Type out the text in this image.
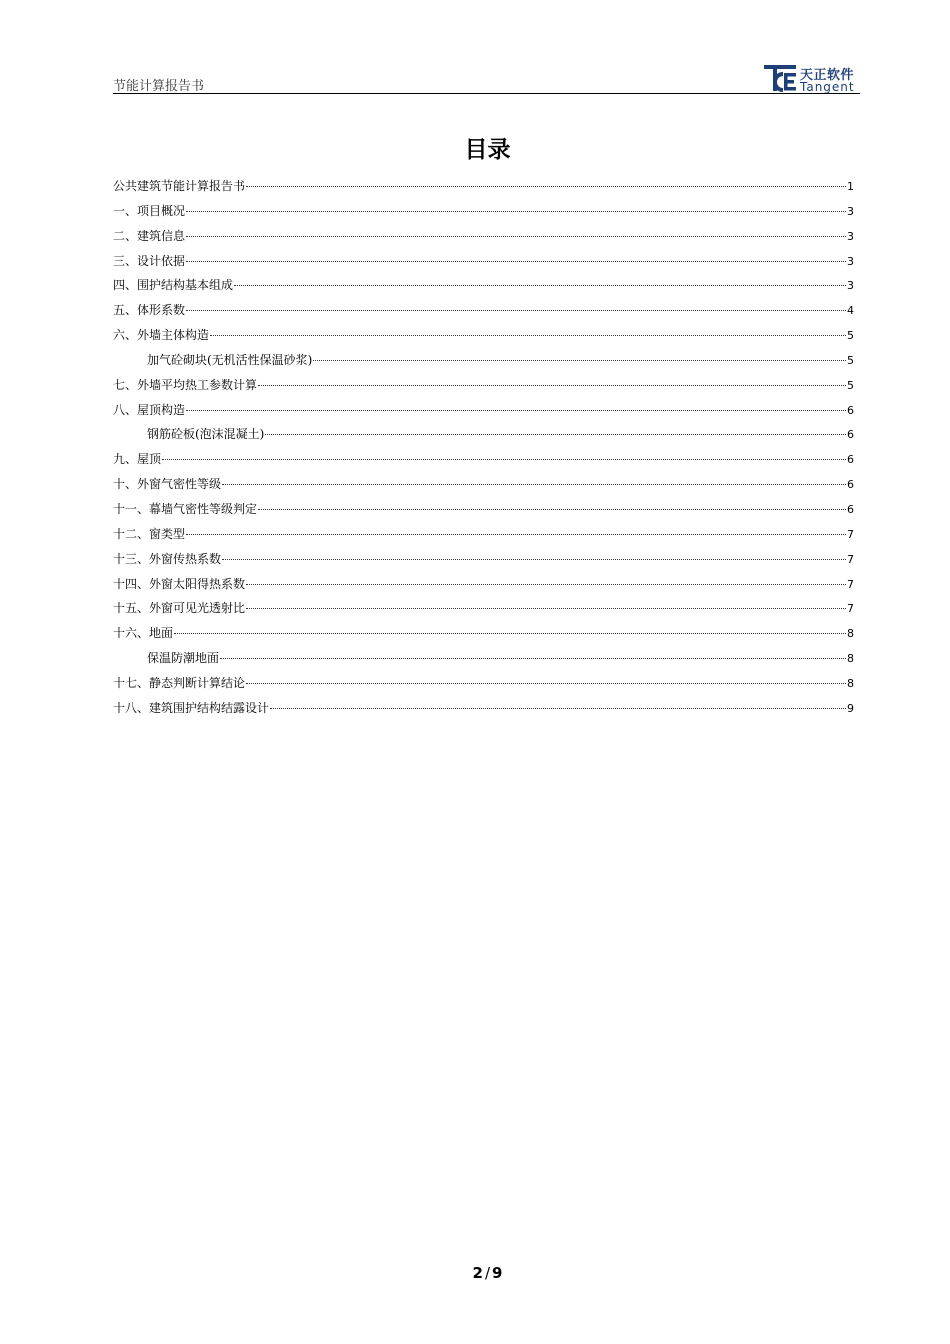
节能计算报告书
天正软件
Tangent
目录
公共建筑节能计算报告书	1
一、项目概况	3
二、建筑信息	3
三、设计依据	3
四、围护结构基本组成	3
五、体形系数	4
六、外墙主体构造	5
加气砼砌块(无机活性保温砂浆)	5
七、外墙平均热工参数计算	5
八、屋顶构造	6
钢筋砼板(泡沫混凝土)	6
九、屋顶	6
十、外窗气密性等级	6
十一、幕墙气密性等级判定	6
十二、窗类型	7
十三、外窗传热系数	7
十四、外窗太阳得热系数	7
十五、外窗可见光透射比	7
十六、地面	8
保温防潮地面	8
十七、静态判断计算结论	8
十八、建筑围护结构结露设计	9
2 / 9
